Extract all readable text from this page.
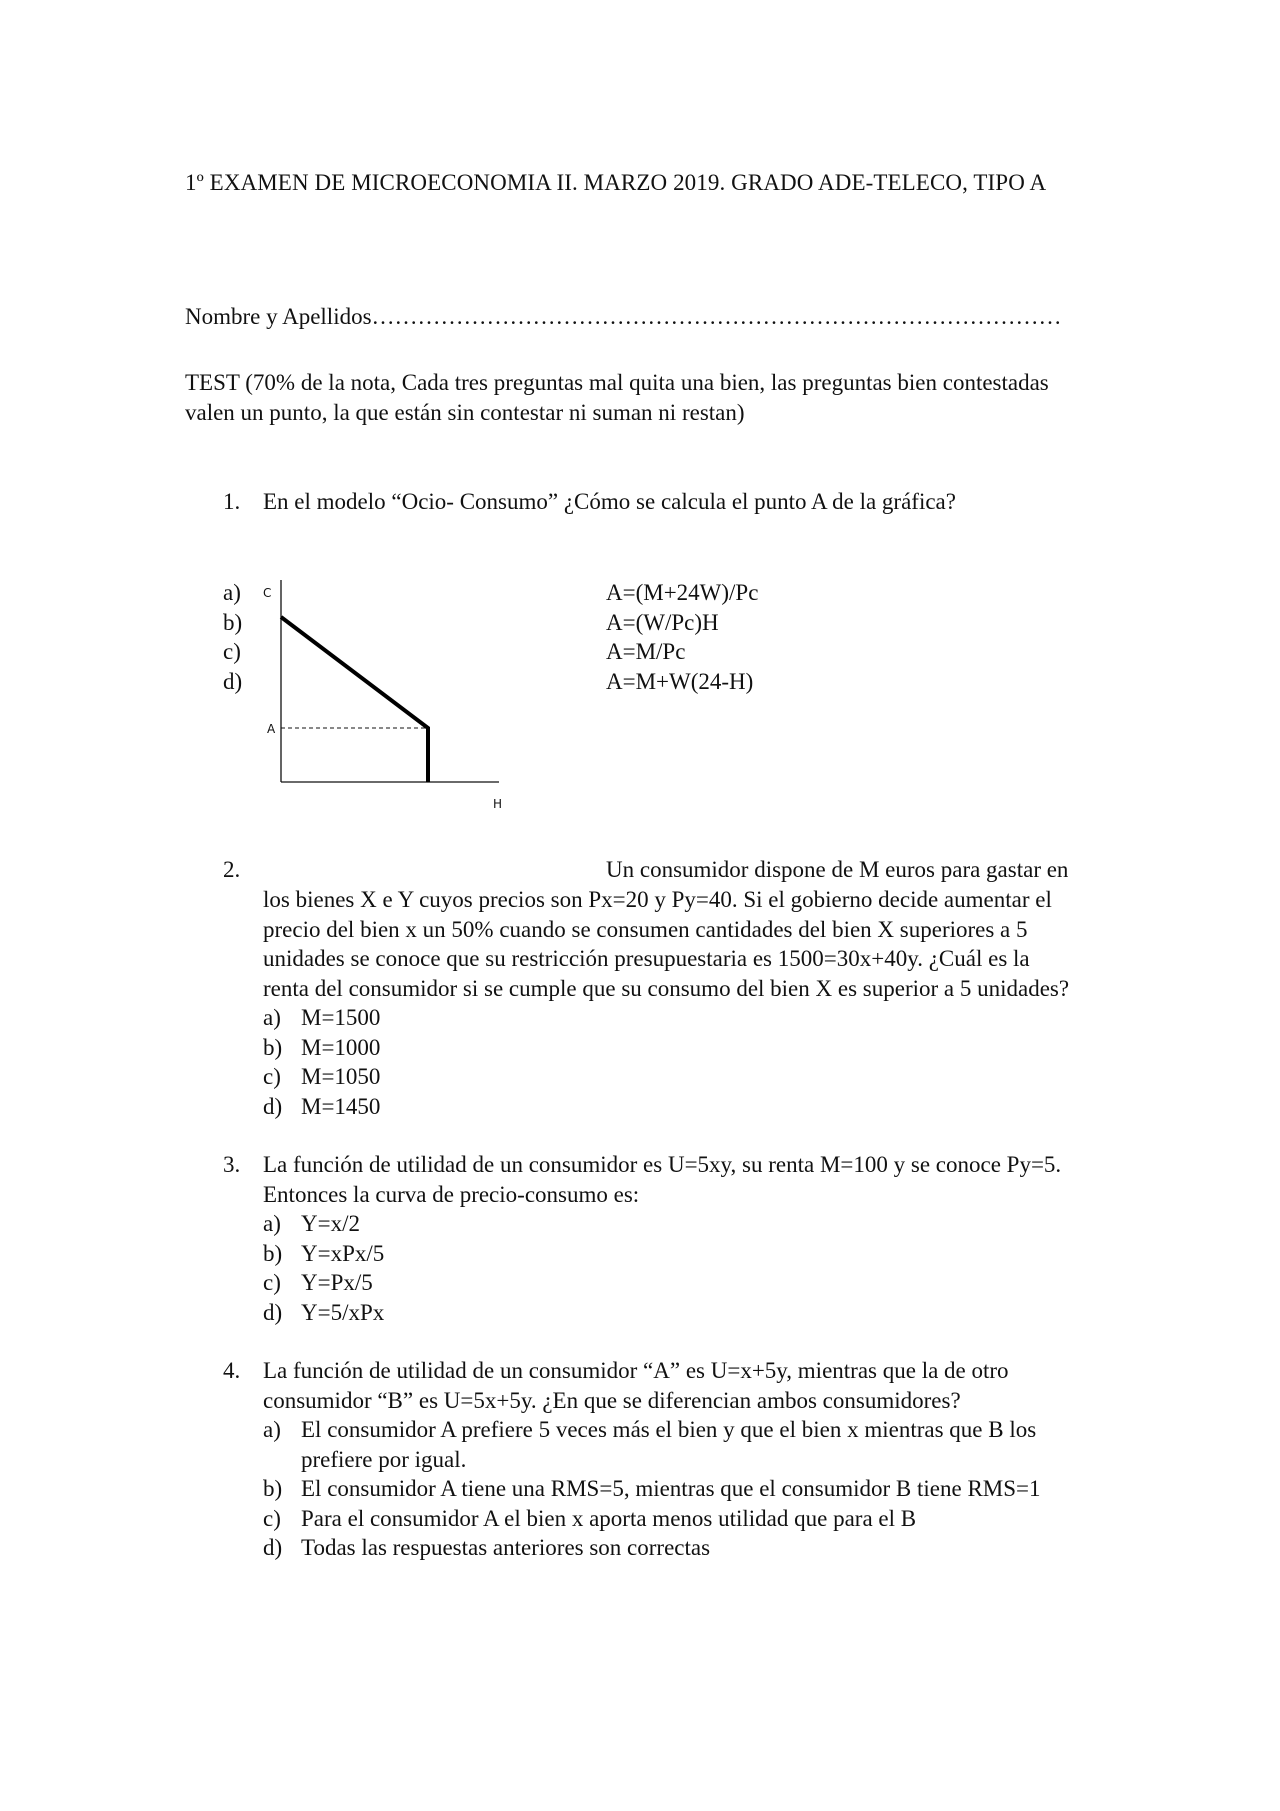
1º EXAMEN DE MICROECONOMIA II. MARZO 2019. GRADO ADE-TELECO, TIPO A

Nombre y Apellidos………………………………………………………………………………

TEST (70% de la nota, Cada tres preguntas mal quita una bien, las preguntas bien contestadas
valen un punto, la que están sin contestar ni suman ni restan)
1. En el modelo “Ocio- Consumo” ¿Cómo se calcula el punto A de la gráfica?
a)
b)
c)
d)
A=(M+24W)/Pc
A=(W/Pc)H
A=M/Pc
A=M+W(24-H)
C
A
H
2.	Un consumidor dispone de M euros para gastar en
los bienes X e Y cuyos precios son Px=20 y Py=40. Si el gobierno decide aumentar el
precio del bien x un 50% cuando se consumen cantidades del bien X superiores a 5
unidades se conoce que su restricción presupuestaria es 1500=30x+40y. ¿Cuál es la
renta del consumidor si se cumple que su consumo del bien X es superior a 5 unidades?
a) M=1500
b) M=1000
c) M=1050
d) M=1450
3. La función de utilidad de un consumidor es U=5xy, su renta M=100 y se conoce Py=5.
Entonces la curva de precio-consumo es:
a) Y=x/2
b) Y=xPx/5
c) Y=Px/5
d) Y=5/xPx
4. La función de utilidad de un consumidor “A” es U=x+5y, mientras que la de otro
consumidor “B” es U=5x+5y. ¿En que se diferencian ambos consumidores?
a) El consumidor A prefiere 5 veces más el bien y que el bien x mientras que B los prefiere por igual.
b) El consumidor A tiene una RMS=5, mientras que el consumidor B tiene RMS=1
c) Para el consumidor A el bien x aporta menos utilidad que para el B
d) Todas las respuestas anteriores son correctas
